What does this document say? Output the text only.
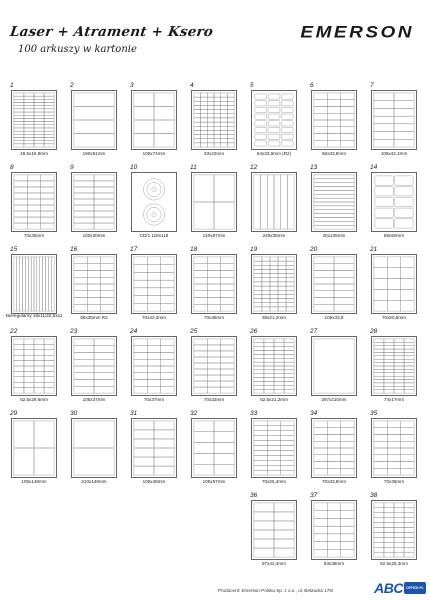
Laser + Atrament + Ksero
100 arkuszy w kartonie
EMERSON
1
48,5x16,9mm
2
190x61mm
3
105x74mm
4
33x22mm
5
64x33,8mm (R2)
6
66x33,8mm
7
105x42,4mm
8
70x30mm
9
100x30mm
10
CD/1 118x118
11
140x97mm
12
245x35mm
13
20x105mm
14
85x50mm
15
Nieregularny 18x11/22,5x11
16
68x35mm R2
17
70x42,3mm
18
70x35mm
19
38x21,2mm
20
105x33,8
21
70x50,8mm
22
52,5x29,6mm
23
105x37mm
24
70x37mm
25
70x32mm
26
52,5x21,2mm
27
297x210mm
28
74x17mm
29
105x148mm
30
210x148mm
31
105x48mm
32
105x57mm
33
70x25,4mm
34
70x33,8mm
35
70x36mm
36
97x42,4mm
37
63x38mm
38
52,5x25,4mm
Producent: Emerson Polska Sp. z o.o., ul. Bełzacka 176/	ABC OFFICE.PL
